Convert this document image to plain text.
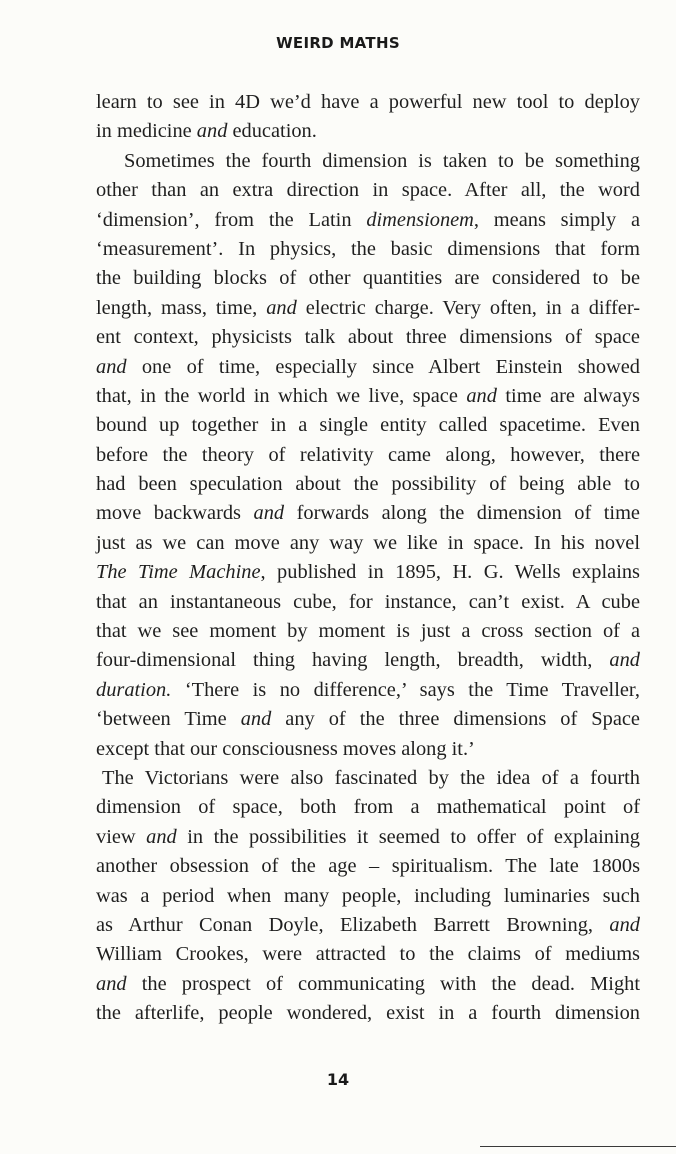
WEIRD MATHS
learn to see in 4D we’d have a powerful new tool to deploy
in medicine and education.
Sometimes the fourth dimension is taken to be something
other than an extra direction in space. After all, the word
‘dimension’, from the Latin dimensionem, means simply a
‘measurement’. In physics, the basic dimensions that form
the building blocks of other quantities are considered to be
length, mass, time, and electric charge. Very often, in a differ-
ent context, physicists talk about three dimensions of space
and one of time, especially since Albert Einstein showed
that, in the world in which we live, space and time are always
bound up together in a single entity called spacetime. Even
before the theory of relativity came along, however, there
had been speculation about the possibility of being able to
move backwards and forwards along the dimension of time
just as we can move any way we like in space. In his novel
The Time Machine, published in 1895, H. G. Wells explains
that an instantaneous cube, for instance, can’t exist. A cube
that we see moment by moment is just a cross section of a
four-dimensional thing having length, breadth, width, and
duration. ‘There is no difference,’ says the Time Traveller,
‘between Time and any of the three dimensions of Space
except that our consciousness moves along it.’
The Victorians were also fascinated by the idea of a fourth
dimension of space, both from a mathematical point of
view and in the possibilities it seemed to offer of explaining
another obsession of the age – spiritualism. The late 1800s
was a period when many people, including luminaries such
as Arthur Conan Doyle, Elizabeth Barrett Browning, and
William Crookes, were attracted to the claims of mediums
and the prospect of communicating with the dead. Might
the afterlife, people wondered, exist in a fourth dimension
14
